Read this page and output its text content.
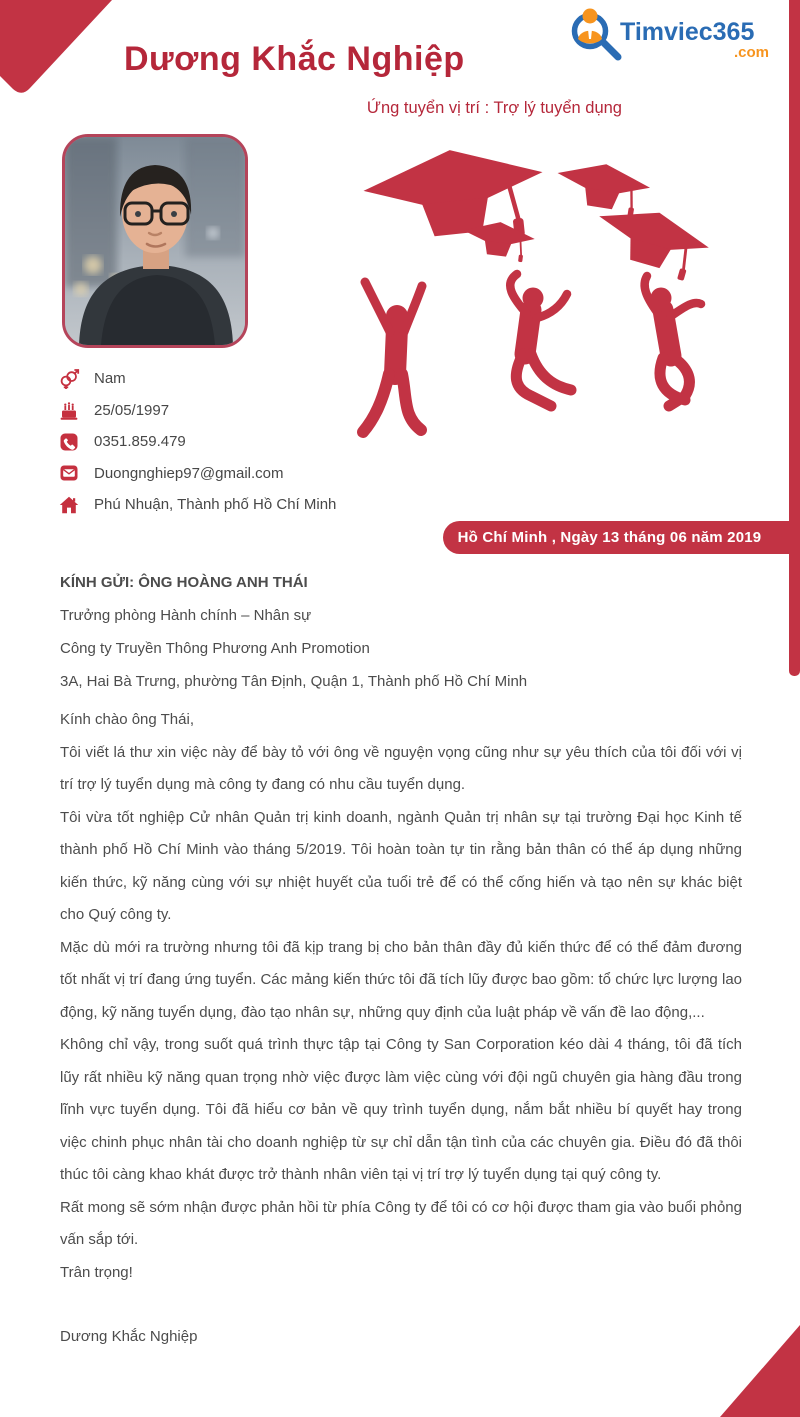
Timviec365
.com
Dương Khắc Nghiệp
Ứng tuyển vị trí : Trợ lý tuyển dụng
Nam
25/05/1997
0351.859.479
Duongnghiep97@gmail.com
Phú Nhuận, Thành phố Hồ Chí Minh
Hồ Chí Minh , Ngày 13 tháng 06 năm 2019

KÍNH GỬI: ÔNG HOÀNG ANH THÁI

Trưởng phòng Hành chính – Nhân sự

Công ty Truyền Thông Phương Anh Promotion

3A, Hai Bà Trưng, phường Tân Định, Quận 1, Thành phố Hồ Chí Minh

Kính chào ông Thái,

Tôi viết lá thư xin việc này để bày tỏ với ông về nguyện vọng cũng như sự yêu thích của tôi đối với vị trí trợ lý tuyển dụng mà công ty đang có nhu cầu tuyển dụng.

Tôi vừa tốt nghiệp Cử nhân Quản trị kinh doanh, ngành Quản trị nhân sự tại trường Đại học Kinh tế thành phố Hồ Chí Minh vào tháng 5/2019. Tôi hoàn toàn tự tin rằng bản thân có thể áp dụng những kiến thức, kỹ năng cùng với sự nhiệt huyết của tuổi trẻ để có thể cống hiến và tạo nên sự khác biệt cho Quý công ty.

Mặc dù mới ra trường nhưng tôi đã kịp trang bị cho bản thân đầy đủ kiến thức để có thể đảm đương tốt nhất vị trí đang ứng tuyển. Các mảng kiến thức tôi đã tích lũy được bao gồm: tổ chức lực lượng lao động, kỹ năng tuyển dụng, đào tạo nhân sự, những quy định của luật pháp về vấn đề lao động,...

Không chỉ vậy, trong suốt quá trình thực tập tại Công ty San Corporation kéo dài 4 tháng, tôi đã tích lũy rất nhiều kỹ năng quan trọng nhờ việc được làm việc cùng với đội ngũ chuyên gia hàng đầu trong lĩnh vực tuyển dụng. Tôi đã hiểu cơ bản về quy trình tuyển dụng, nắm bắt nhiều bí quyết hay trong việc chinh phục nhân tài cho doanh nghiệp từ sự chỉ dẫn tận tình của các chuyên gia. Điều đó đã thôi thúc tôi càng khao khát được trở thành nhân viên tại vị trí trợ lý tuyển dụng tại quý công ty.

Rất mong sẽ sớm nhận được phản hồi từ phía Công ty để tôi có cơ hội được tham gia vào buổi phỏng vấn sắp tới.

Trân trọng!

Dương Khắc Nghiệp
